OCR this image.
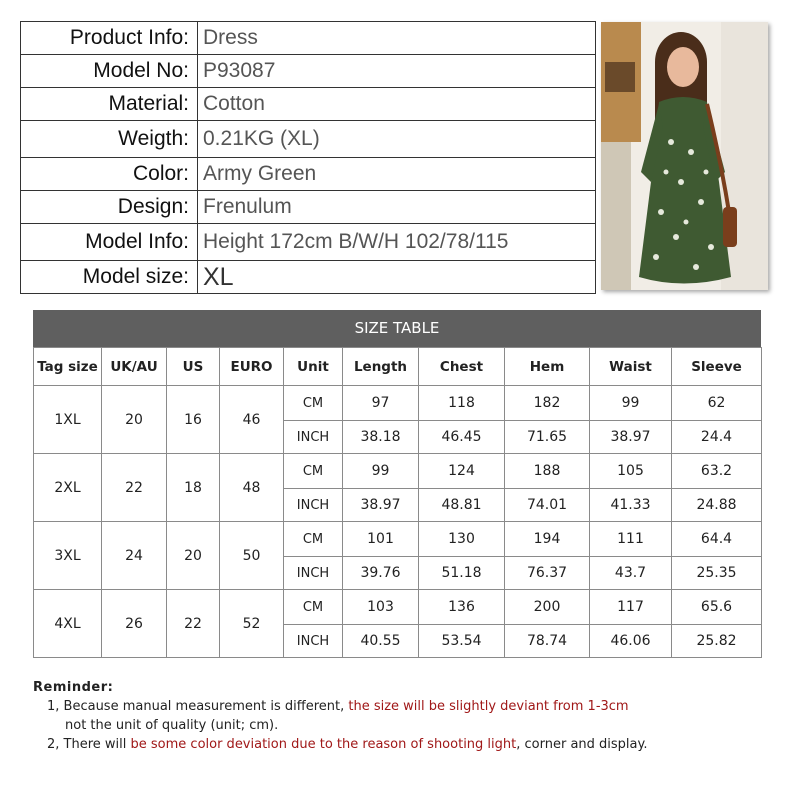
Product Info:	Dress
Model No:	P93087
Material:	Cotton
Weigth:	0.21KG (XL)
Color:	Army Green
Design:	Frenulum
Model Info:	Height 172cm B/W/H 102/78/115
Model size:	XL
SIZE TABLE
Tag size	UK/AU	US	EURO	Unit	Length	Chest	Hem	Waist	Sleeve
1XL	20	16	46	CM	97	118	182	99	62
				INCH	38.18	46.45	71.65	38.97	24.4
2XL	22	18	48	CM	99	124	188	105	63.2
				INCH	38.97	48.81	74.01	41.33	24.88
3XL	24	20	50	CM	101	130	194	111	64.4
				INCH	39.76	51.18	76.37	43.7	25.35
4XL	26	22	52	CM	103	136	200	117	65.6
				INCH	40.55	53.54	78.74	46.06	25.82
Reminder:
1, Because manual measurement is different, the size will be slightly deviant from 1-3cm
not the unit of quality (unit; cm).
2, There will be some color deviation due to the reason of shooting light, corner and display.
